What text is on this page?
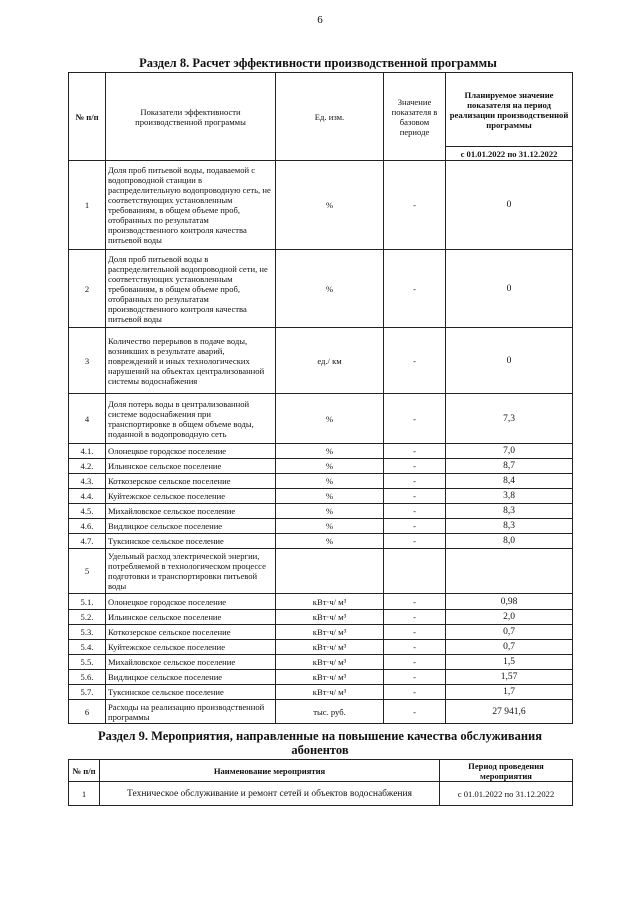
6
Раздел 8. Расчет эффективности производственной программы
№ п/п	Показатели эффективности производственной программы	Ед. изм.	Значение показателя в базовом периоде	Планируемое значение показателя на период реализации производственной программы
				с 01.01.2022 по 31.12.2022
1	Доля проб питьевой воды, подаваемой с водопроводной станции в распределительную водопроводную сеть, не соответствующих установленным требованиям, в общем объеме проб, отобранных по результатам производственного контроля качества питьевой воды	%	-	0
2	Доля проб питьевой воды в распределительной водопроводной сети, не соответствующих установленным требованиям, в общем объеме проб, отобранных по результатам производственного контроля качества питьевой воды	%	-	0
3	Количество перерывов в подаче воды, возникших в результате аварий, повреждений и иных технологических нарушений на объектах централизованной системы водоснабжения	ед./ км	-	0
4	Доля потерь воды в централизованной системе водоснабжения при транспортировке в общем объеме воды, поданной в водопроводную сеть	%	-	7,3
4.1.	Олонецкое городское поселение	%	-	7,0
4.2.	Ильинское сельское поселение	%	-	8,7
4.3.	Коткозерское сельское поселение	%	-	8,4
4.4.	Куйтежское сельское поселение	%	-	3,8
4.5.	Михайловское сельское поселение	%	-	8,3
4.6.	Видлицкое сельское поселение	%	-	8,3
4.7.	Туксинское сельское поселение	%	-	8,0
5	Удельный расход электрической энергии, потребляемой в технологическом процессе подготовки и транспортировки питьевой воды			
5.1.	Олонецкое городское поселение	кВт·ч/ м³	-	0,98
5.2.	Ильинское сельское поселение	кВт·ч/ м³	-	2,0
5.3.	Коткозерское сельское поселение	кВт·ч/ м³	-	0,7
5.4.	Куйтежское сельское поселение	кВт·ч/ м³	-	0,7
5.5.	Михайловское сельское поселение	кВт·ч/ м³	-	1,5
5.6.	Видлицкое сельское поселение	кВт·ч/ м³	-	1,57
5.7.	Туксинское сельское поселение	кВт·ч/ м³	-	1,7
6	Расходы на реализацию производственной программы	тыс. руб.	-	27 941,6
Раздел 9. Мероприятия, направленные на повышение качества обслуживания абонентов
№ п/п	Наименование мероприятия	Период проведения мероприятия
1	Техническое обслуживание и ремонт сетей и объектов водоснабжения	с 01.01.2022 по 31.12.2022
